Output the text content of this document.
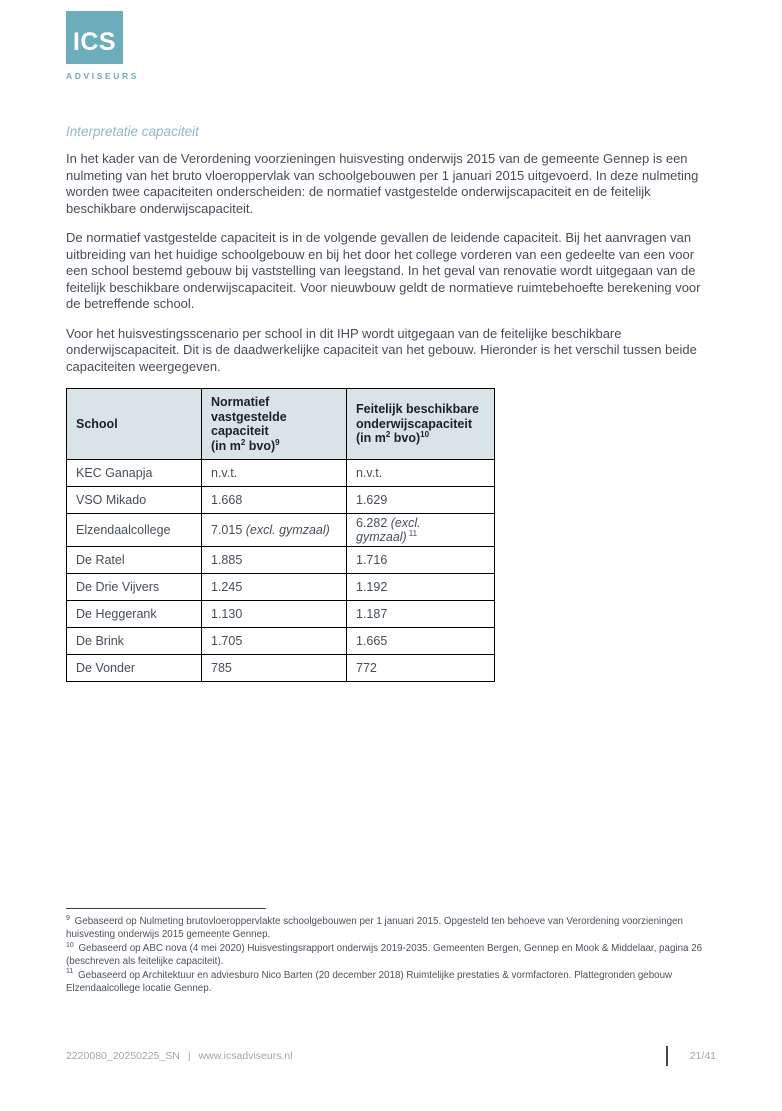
ICS
ADVISEURS
Interpretatie capaciteit

In het kader van de Verordening voorzieningen huisvesting onderwijs 2015 van de gemeente Gennep is een nulmeting van het bruto vloeroppervlak van schoolgebouwen per 1 januari 2015 uitgevoerd. In deze nulmeting worden twee capaciteiten onderscheiden: de normatief vastgestelde onderwijscapaciteit en de feitelijk beschikbare onderwijscapaciteit.

De normatief vastgestelde capaciteit is in de volgende gevallen de leidende capaciteit. Bij het aanvragen van uitbreiding van het huidige schoolgebouw en bij het door het college vorderen van een gedeelte van een voor een school bestemd gebouw bij vaststelling van leegstand. In het geval van renovatie wordt uitgegaan van de feitelijk beschikbare onderwijscapaciteit. Voor nieuwbouw geldt de normatieve ruimtebehoefte berekening voor de betreffende school.

Voor het huisvestingsscenario per school in dit IHP wordt uitgegaan van de feitelijke beschikbare onderwijscapaciteit. Dit is de daadwerkelijke capaciteit van het gebouw. Hieronder is het verschil tussen beide capaciteiten weergegeven.

School	Normatief
vastgestelde
capaciteit
(in $m^2$ bvo)$^9$	Feitelijk beschikbare
onderwijscapaciteit
(in $m^2$ bvo)$^{10}$
KEC Ganapja	n.v.t.	n.v.t.
VSO Mikado	1.668	1.629
Elzendaalcollege	7.015 (excl. gymzaal)	6.282 (excl. gymzaal) $^{11}$
De Ratel	1.885	1.716
De Drie Vijvers	1.245	1.192
De Heggerank	1.130	1.187
De Brink	1.705	1.665
De Vonder	785	772
$^9$ Gebaseerd op Nulmeting brutovloeroppervlakte schoolgebouwen per 1 januari 2015. Opgesteld ten behoeve van Verordening voorzieningen huisvesting onderwijs 2015 gemeente Gennep.
$^{10}$ Gebaseerd op ABC nova (4 mei 2020) Huisvestingsrapport onderwijs 2019-2035. Gemeenten Bergen, Gennep en Mook & Middelaar, pagina 26 (beschreven als feitelijke capaciteit).
$^{11}$ Gebaseerd op Architektuur en adviesburo Nico Barten (20 december 2018) Ruimtelijke prestaties & vormfactoren. Plattegronden gebouw Elzendaalcollege locatie Gennep.
2220080_20250225_SN | www.icsadviseurs.nl	21/41
